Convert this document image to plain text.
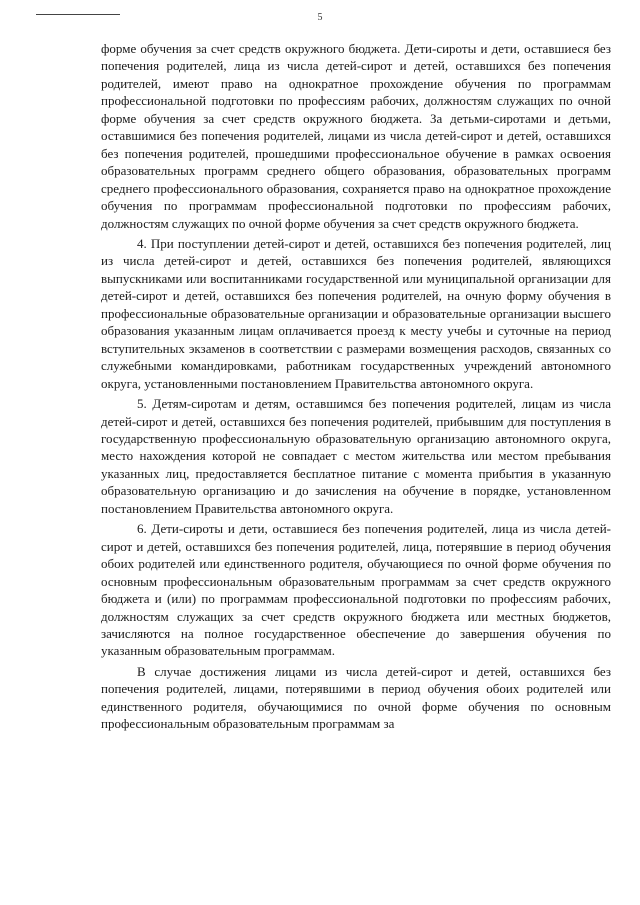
5

форме обучения за счет средств окружного бюджета. Дети-сироты и дети, оставшиеся без попечения родителей, лица из числа детей-сирот и детей, оставшихся без попечения родителей, имеют право на однократное прохождение обучения по программам профессиональной подготовки по профессиям рабочих, должностям служащих по очной форме обучения за счет средств окружного бюджета. За детьми-сиротами и детьми, оставшимися без попечения родителей, лицами из числа детей-сирот и детей, оставшихся без попечения родителей, прошедшими профессиональное обучение в рамках освоения образовательных программ среднего общего образования, образовательных программ среднего профессионального образования, сохраняется право на однократное прохождение обучения по программам профессиональной подготовки по профессиям рабочих, должностям служащих по очной форме обучения за счет средств окружного бюджета.

4. При поступлении детей-сирот и детей, оставшихся без попечения родителей, лиц из числа детей-сирот и детей, оставшихся без попечения родителей, являющихся выпускниками или воспитанниками государственной или муниципальной организации для детей-сирот и детей, оставшихся без попечения родителей, на очную форму обучения в профессиональные образовательные организации и образовательные организации высшего образования указанным лицам оплачивается проезд к месту учебы и суточные на период вступительных экзаменов в соответствии с размерами возмещения расходов, связанных со служебными командировками, работникам государственных учреждений автономного округа, установленными постановлением Правительства автономного округа.

5. Детям-сиротам и детям, оставшимся без попечения родителей, лицам из числа детей-сирот и детей, оставшихся без попечения родителей, прибывшим для поступления в государственную профессиональную образовательную организацию автономного округа, место нахождения которой не совпадает с местом жительства или местом пребывания указанных лиц, предоставляется бесплатное питание с момента прибытия в указанную образовательную организацию и до зачисления на обучение в порядке, установленном постановлением Правительства автономного округа.

6. Дети-сироты и дети, оставшиеся без попечения родителей, лица из числа детей-сирот и детей, оставшихся без попечения родителей, лица, потерявшие в период обучения обоих родителей или единственного родителя, обучающиеся по очной форме обучения по основным профессиональным образовательным программам за счет средств окружного бюджета и (или) по программам профессиональной подготовки по профессиям рабочих, должностям служащих за счет средств окружного бюджета или местных бюджетов, зачисляются на полное государственное обеспечение до завершения обучения по указанным образовательным программам.

В случае достижения лицами из числа детей-сирот и детей, оставшихся без попечения родителей, лицами, потерявшими в период обучения обоих родителей или единственного родителя, обучающимися по очной форме обучения по основным профессиональным образовательным программам за
